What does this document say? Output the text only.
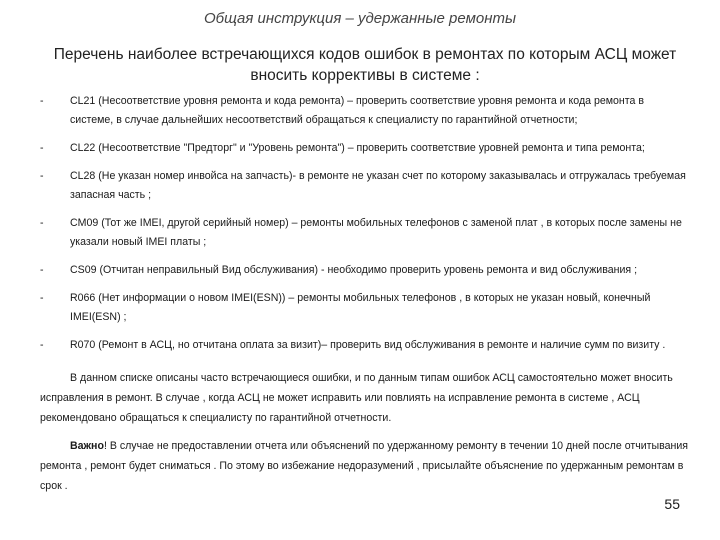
Общая инструкция – удержанные ремонты
Перечень наиболее встречающихся кодов ошибок в ремонтах по которым АСЦ может вносить коррективы в системе :
- CL21 (Несоответствие уровня ремонта и кода ремонта) – проверить соответствие уровня ремонта и кода ремонта в системе, в случае дальнейших несоответствий обращаться к специалисту по гарантийной отчетности;
- CL22 (Несоответствие "Предторг" и "Уровень ремонта") – проверить соответствие уровней ремонта и типа ремонта;
- CL28 (Не указан номер инвойса на запчасть)- в ремонте не указан счет по которому заказывалась и отгружалась требуемая запасная часть ;
- CM09 (Тот же IMEI, другой серийный номер) – ремонты мобильных телефонов с заменой плат , в которых после замены не указали новый IMEI платы ;
- CS09 (Отчитан неправильный Вид обслуживания) - необходимо проверить уровень ремонта и вид обслуживания ;
- R066 (Нет информации о новом IMEI(ESN)) – ремонты мобильных телефонов , в которых не указан новый, конечный IMEI(ESN) ;
- R070 (Ремонт в АСЦ, но отчитана оплата за визит)– проверить вид обслуживания в ремонте и наличие сумм по визиту .

В данном списке описаны часто встречающиеся ошибки, и по данным типам ошибок АСЦ самостоятельно может вносить исправления в ремонт. В случае , когда АСЦ не может исправить или повлиять на исправление ремонта в системе , АСЦ рекомендовано обращаться к специалисту по гарантийной отчетности.

Важно! В случае не предоставлении отчета или объяснений по удержанному ремонту в течении 10 дней после отчитывания ремонта , ремонт будет сниматься . По этому во избежание недоразумений , присылайте объяснение по удержанным ремонтам в срок .

55
